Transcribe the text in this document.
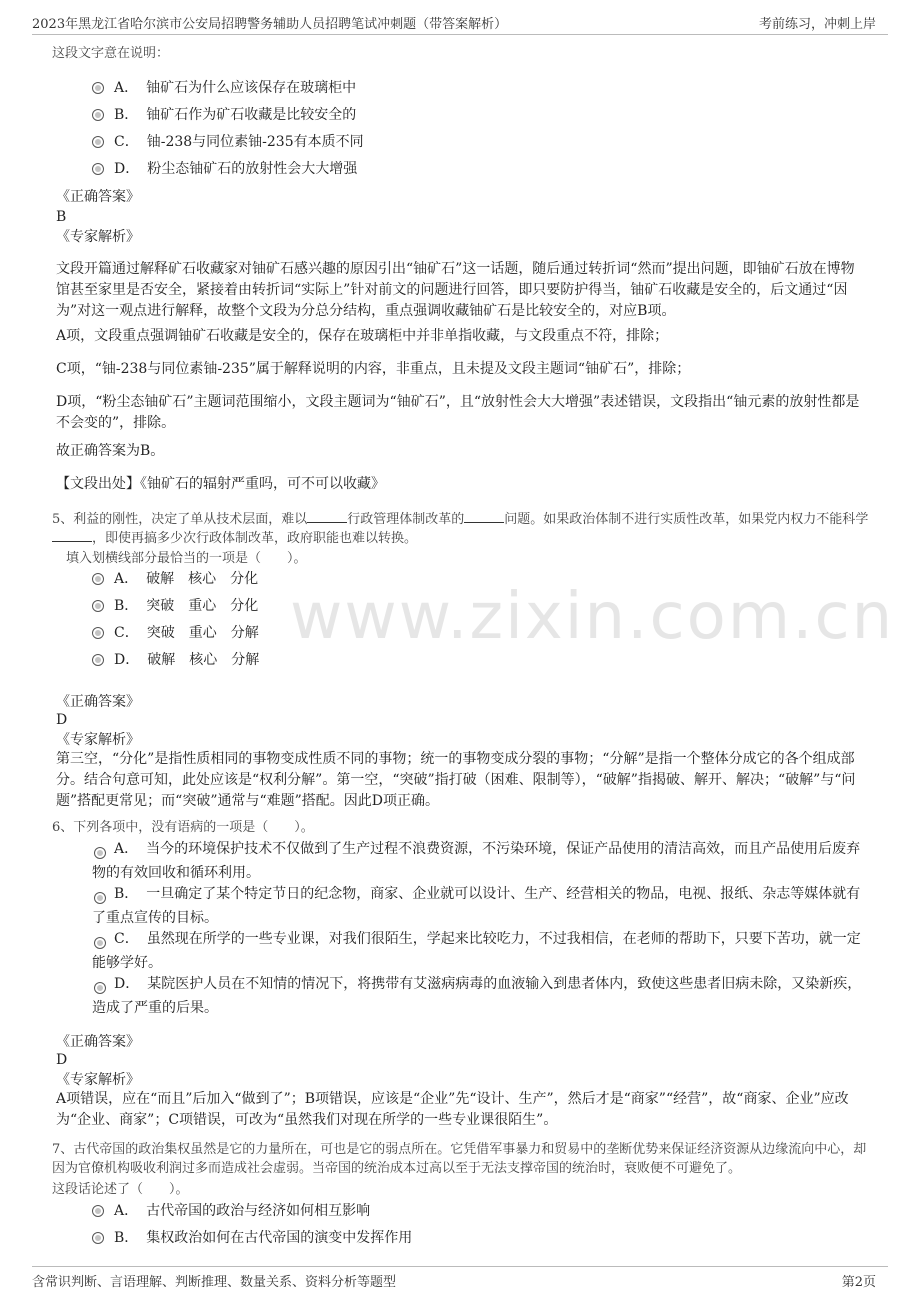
2023年黑龙江省哈尔滨市公安局招聘警务辅助人员招聘笔试冲刺题（带答案解析）	考前练习，冲刺上岸
www.zixin.com.cn
这段文字意在说明：
A． 铀矿石为什么应该保存在玻璃柜中
B． 铀矿石作为矿石收藏是比较安全的
C． 铀-238与同位素铀-235有本质不同
D． 粉尘态铀矿石的放射性会大大增强
《正确答案》
B
《专家解析》
文段开篇通过解释矿石收藏家对铀矿石感兴趣的原因引出“铀矿石”这一话题，随后通过转折词“然而”提出问题，即铀矿石放在博物馆甚至家里是否安全，紧接着由转折词“实际上”针对前文的问题进行回答，即只要防护得当，铀矿石收藏是安全的，后文通过“因为”对这一观点进行解释，故整个文段为分总分结构，重点强调收藏铀矿石是比较安全的，对应B项。
A项，文段重点强调铀矿石收藏是安全的，保存在玻璃柜中并非单指收藏，与文段重点不符，排除；
C项，“铀-238与同位素铀-235”属于解释说明的内容，非重点，且未提及文段主题词“铀矿石”，排除；
D项，“粉尘态铀矿石”主题词范围缩小，文段主题词为“铀矿石”，且“放射性会大大增强”表述错误，文段指出“铀元素的放射性都是不会变的”，排除。
故正确答案为B。
【文段出处】《铀矿石的辐射严重吗，可不可以收藏》
5、利益的刚性，决定了单从技术层面，难以	行政管理体制改革的	问题。如果政治体制不进行实质性改革，如果党内权力不能科学，即使再搞多少次行政体制改革，政府职能也难以转换。
填入划横线部分最恰当的一项是（　　）。
A． 破解　核心　分化
B． 突破　重心　分化
C． 突破　重心　分解
D． 破解　核心　分解
《正确答案》
D
《专家解析》
第三空，“分化”是指性质相同的事物变成性质不同的事物；统一的事物变成分裂的事物；“分解”是指一个整体分成它的各个组成部分。结合句意可知，此处应该是“权利分解”。第一空，“突破”指打破（困难、限制等），“破解”指揭破、解开、解决；“破解”与“问题”搭配更常见；而“突破”通常与“难题”搭配。因此D项正确。
6、下列各项中，没有语病的一项是（　　）。
A． 当今的环境保护技术不仅做到了生产过程不浪费资源，不污染环境，保证产品使用的清洁高效，而且产品使用后废弃物的有效回收和循环利用。
B． 一旦确定了某个特定节日的纪念物，商家、企业就可以设计、生产、经营相关的物品，电视、报纸、杂志等媒体就有了重点宣传的目标。
C． 虽然现在所学的一些专业课，对我们很陌生，学起来比较吃力，不过我相信，在老师的帮助下，只要下苦功，就一定能够学好。
D． 某院医护人员在不知情的情况下，将携带有艾滋病病毒的血液输入到患者体内，致使这些患者旧病未除，又染新疾，造成了严重的后果。
《正确答案》
D
《专家解析》
A项错误，应在“而且”后加入“做到了”；B项错误，应该是“企业”先“设计、生产”，然后才是“商家”“经营”，故“商家、企业”应改为“企业、商家”；C项错误，可改为“虽然我们对现在所学的一些专业课很陌生”。
7、古代帝国的政治集权虽然是它的力量所在，可也是它的弱点所在。它凭借军事暴力和贸易中的垄断优势来保证经济资源从边缘流向中心，却因为官僚机构吸收利润过多而造成社会虚弱。当帝国的统治成本过高以至于无法支撑帝国的统治时，衰败便不可避免了。
这段话论述了（　　）。
A． 古代帝国的政治与经济如何相互影响
B． 集权政治如何在古代帝国的演变中发挥作用
含常识判断、言语理解、判断推理、数量关系、资料分析等题型	第2页
